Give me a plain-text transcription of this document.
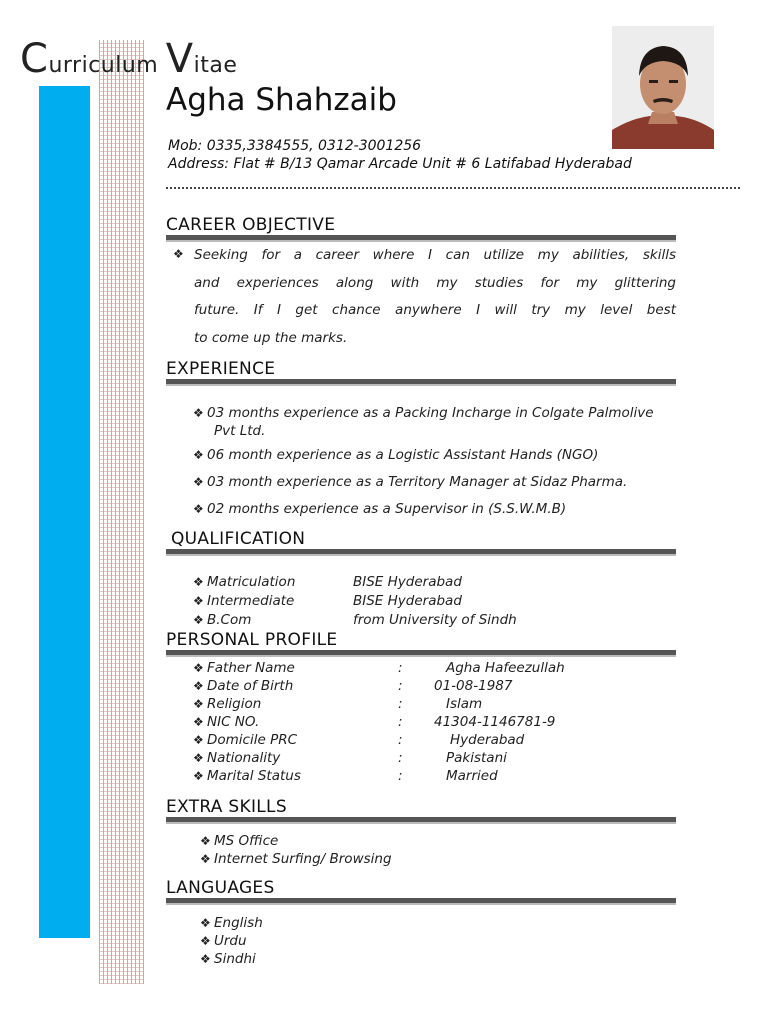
Curriculum Vitae
Agha Shahzaib
Mob: 0335,3384555, 0312-3001256
Address: Flat # B/13 Qamar Arcade Unit # 6 Latifabad Hyderabad
CAREER OBJECTIVE
❖ Seeking for a career where I can utilize my abilities, skills
and experiences along with my studies for my glittering
future. If I get chance anywhere I will try my level best
to come up the marks.
EXPERIENCE
❖ 03 months experience as a Packing Incharge in Colgate Palmolive
Pvt Ltd.
❖ 06 month experience as a Logistic Assistant Hands (NGO)
❖ 03 month experience as a Territory Manager at Sidaz Pharma.
❖ 02 months experience as a Supervisor in (S.S.W.M.B)
QUALIFICATION
❖ Matriculation	BISE Hyderabad
❖ Intermediate	BISE Hyderabad
❖ B.Com	from University of Sindh
PERSONAL PROFILE
❖ Father Name	:	Agha Hafeezullah
❖ Date of Birth	: 01-08-1987
❖ Religion	:	Islam
❖ NIC NO.	: 41304-1146781-9
❖ Domicile PRC	:	Hyderabad
❖ Nationality	:	Pakistani
❖ Marital Status	:	Married
EXTRA SKILLS
❖ MS Office
❖ Internet Surfing/ Browsing
LANGUAGES
❖ English
❖ Urdu
❖ Sindhi
